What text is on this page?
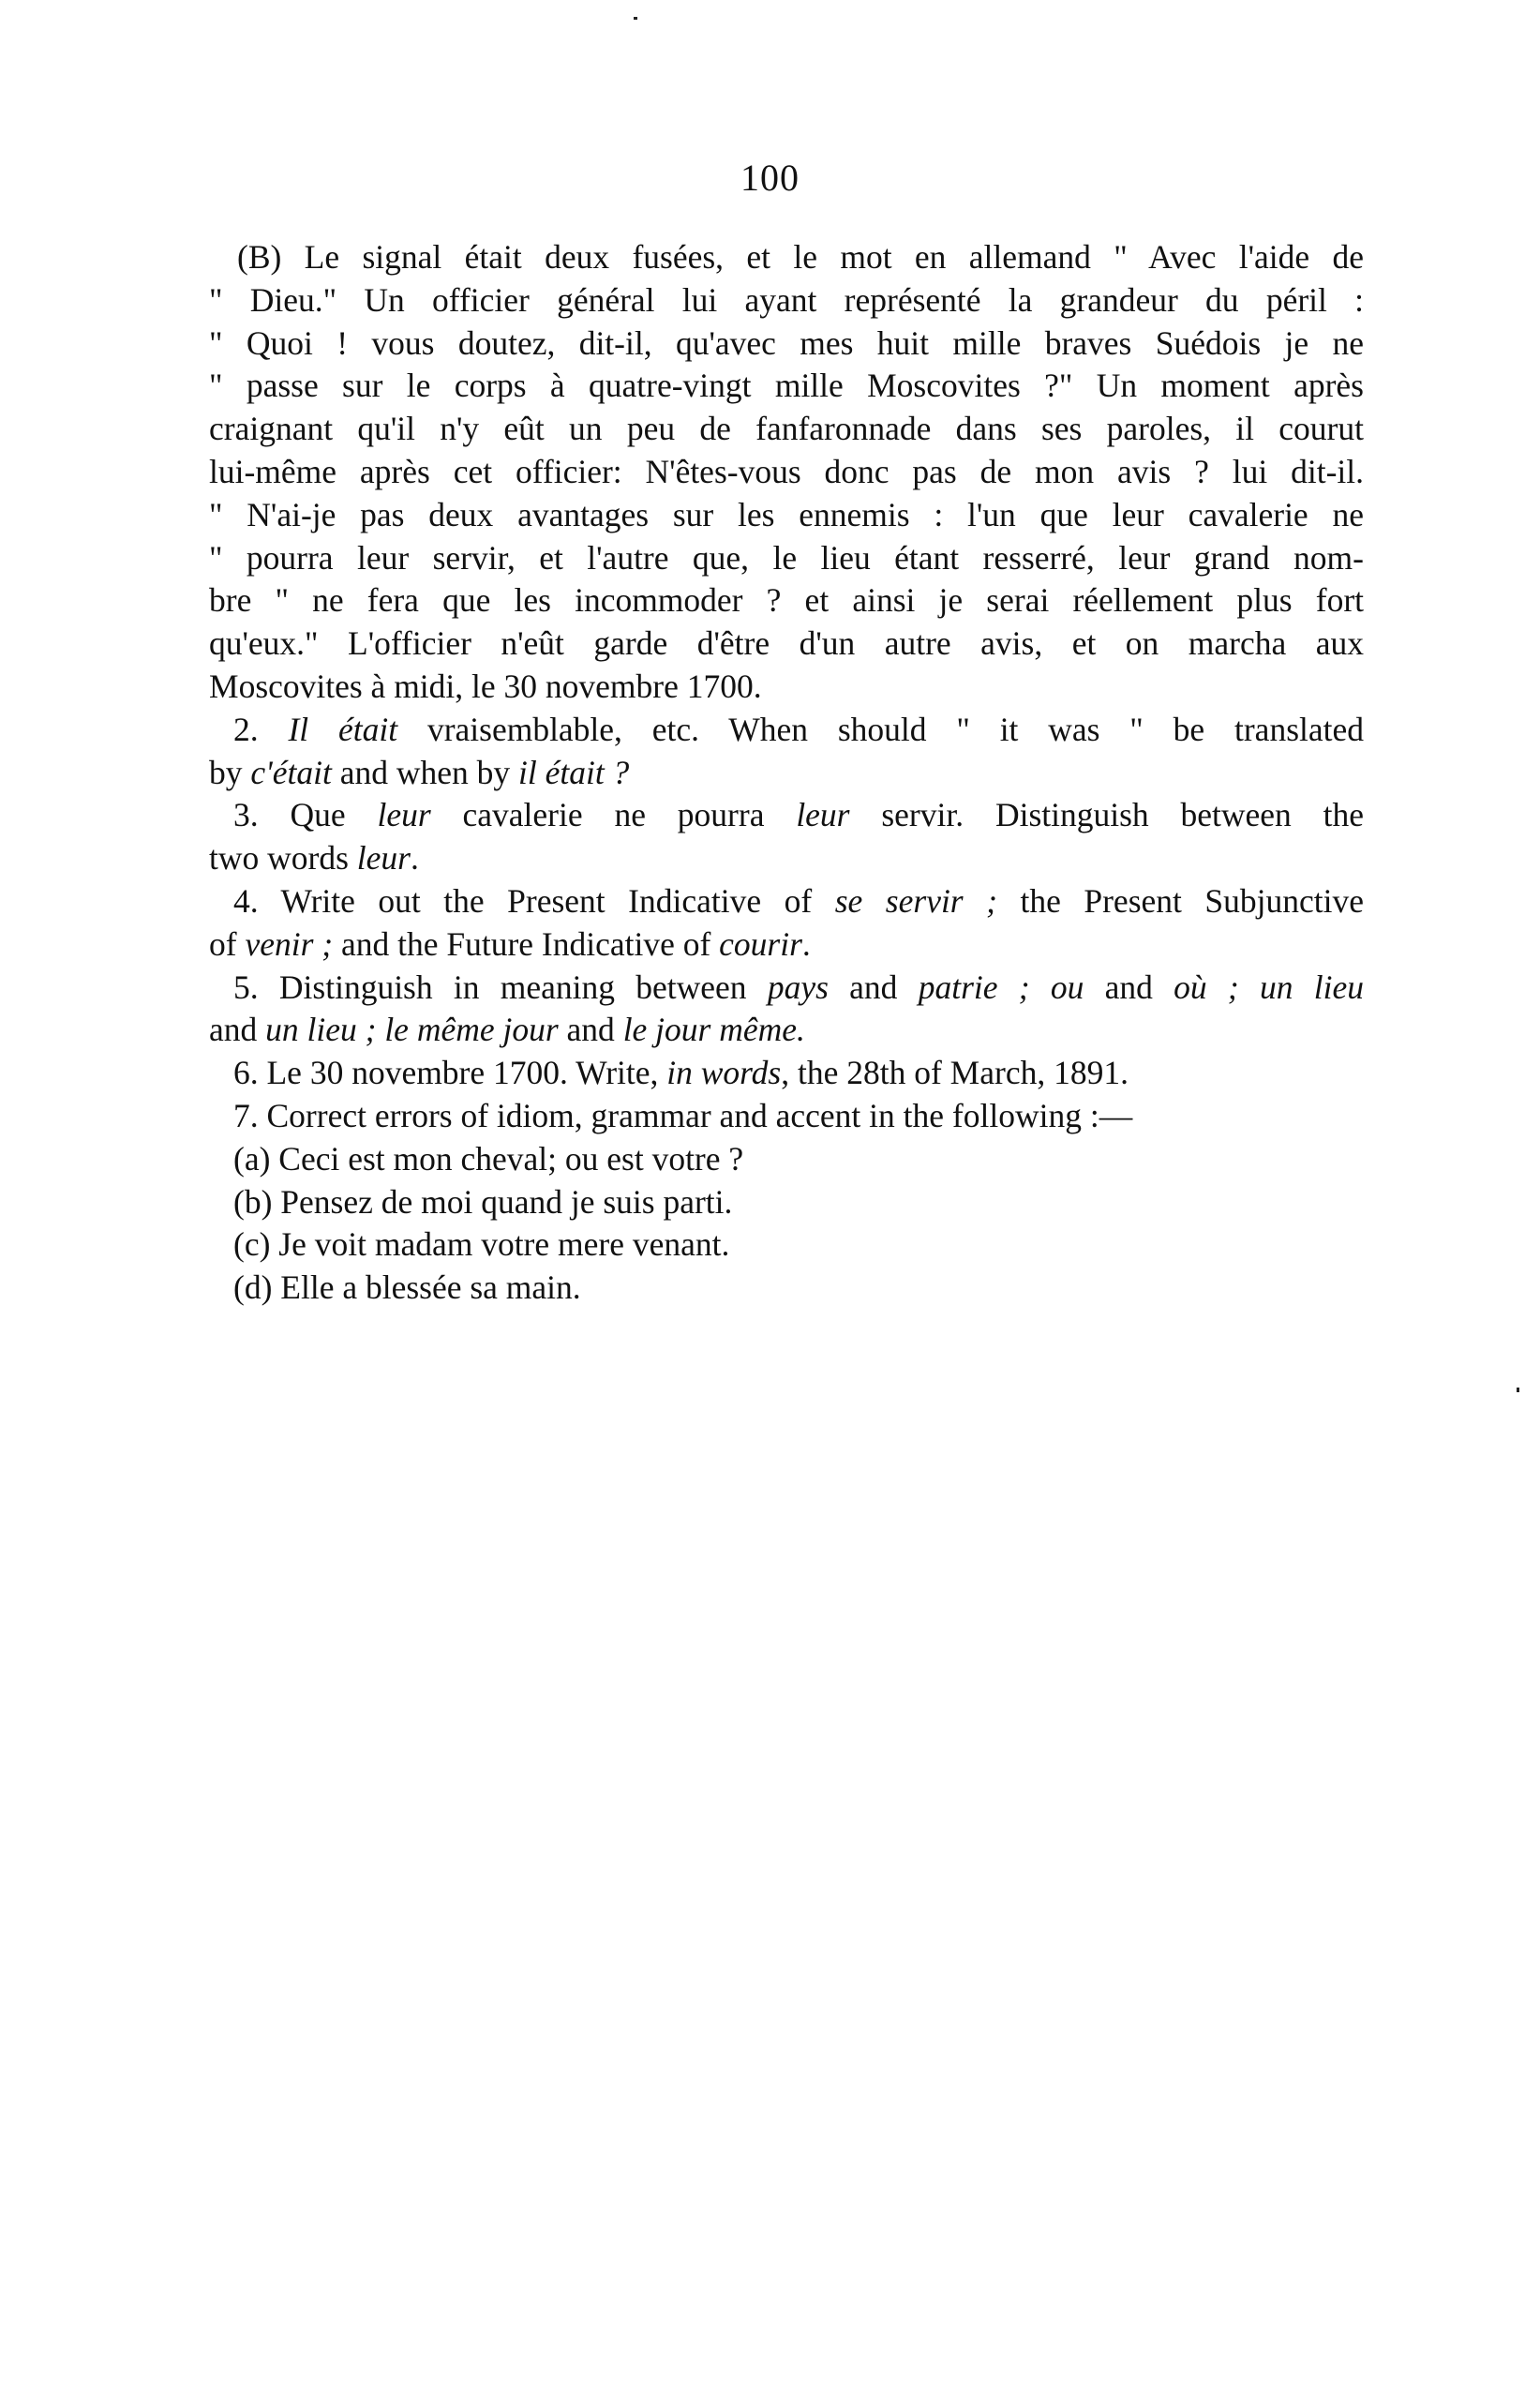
100
(B) Le signal était deux fusées, et le mot en allemand " Avec l'aide de
" Dieu." Un officier général lui ayant représenté la grandeur du péril :
" Quoi ! vous doutez, dit-il, qu'avec mes huit mille braves Suédois je ne
" passe sur le corps à quatre-vingt mille Moscovites ?" Un moment après
craignant qu'il n'y eût un peu de fanfaronnade dans ses paroles, il courut
lui-même après cet officier: N'êtes-vous donc pas de mon avis ? lui dit-il.
" N'ai-je pas deux avantages sur les ennemis : l'un que leur cavalerie ne
" pourra leur servir, et l'autre que, le lieu étant resserré, leur grand nom-
bre " ne fera que les incommoder ? et ainsi je serai réellement plus fort
qu'eux." L'officier n'eût garde d'être d'un autre avis, et on marcha aux
Moscovites à midi, le 30 novembre 1700.
2. Il était vraisemblable, etc. When should " it was " be translated
by c'était and when by il était ?
3. Que leur cavalerie ne pourra leur servir. Distinguish between the
two words leur.
4. Write out the Present Indicative of se servir ; the Present Subjunctive
of venir ; and the Future Indicative of courir.
5. Distinguish in meaning between pays and patrie ; ou and où ; un lieu
and un lieu ; le même jour and le jour même.
6. Le 30 novembre 1700. Write, in words, the 28th of March, 1891.
7. Correct errors of idiom, grammar and accent in the following :—
(a) Ceci est mon cheval; ou est votre ?
(b) Pensez de moi quand je suis parti.
(c) Je voit madam votre mere venant.
(d) Elle a blessée sa main.
